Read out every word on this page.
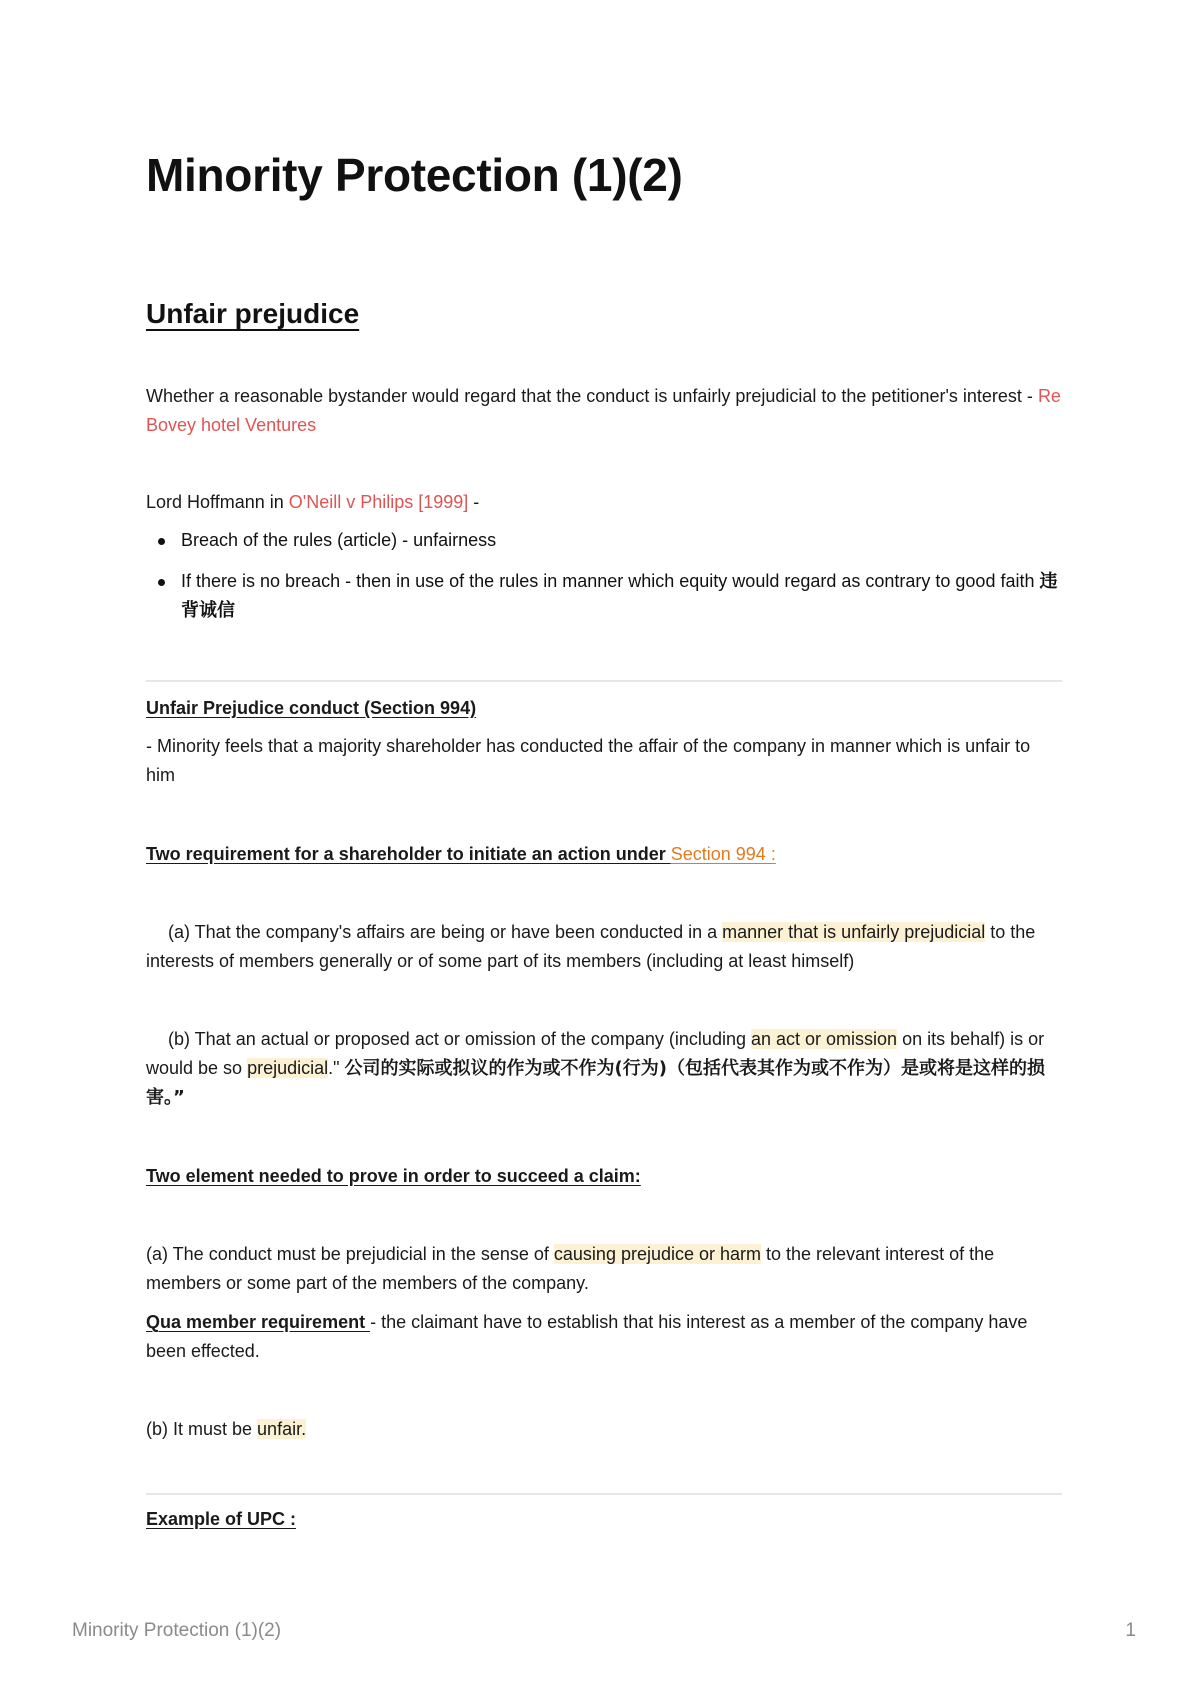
Minority Protection (1)(2)
Unfair prejudice

Whether a reasonable bystander would regard that the conduct is unfairly prejudicial to the petitioner's interest - Re Bovey hotel Ventures

Lord Hoffmann in O'Neill v Philips [1999] -

Breach of the rules (article) - unfairness
If there is no breach - then in use of the rules in manner which equity would regard as contrary to good faith 违背诚信

Unfair Prejudice conduct (Section 994)

- Minority feels that a majority shareholder has conducted the affair of the company in manner which is unfair to him

Two requirement for a shareholder to initiate an action under Section 994 :

(a) That the company's affairs are being or have been conducted in a manner that is unfairly prejudicial to the interests of members generally or of some part of its members (including at least himself)

(b) That an actual or proposed act or omission of the company (including an act or omission on its behalf) is or would be so prejudicial." 公司的实际或拟议的作为或不作为(行为)（包括代表其作为或不作为）是或将是这样的损害。”

Two element needed to prove in order to succeed a claim:

(a) The conduct must be prejudicial in the sense of causing prejudice or harm to the relevant interest of the members or some part of the members of the company.

Qua member requirement - the claimant have to establish that his interest as a member of the company have been effected.

(b) It must be unfair.

Example of UPC :

Minority Protection (1)(2)	1
